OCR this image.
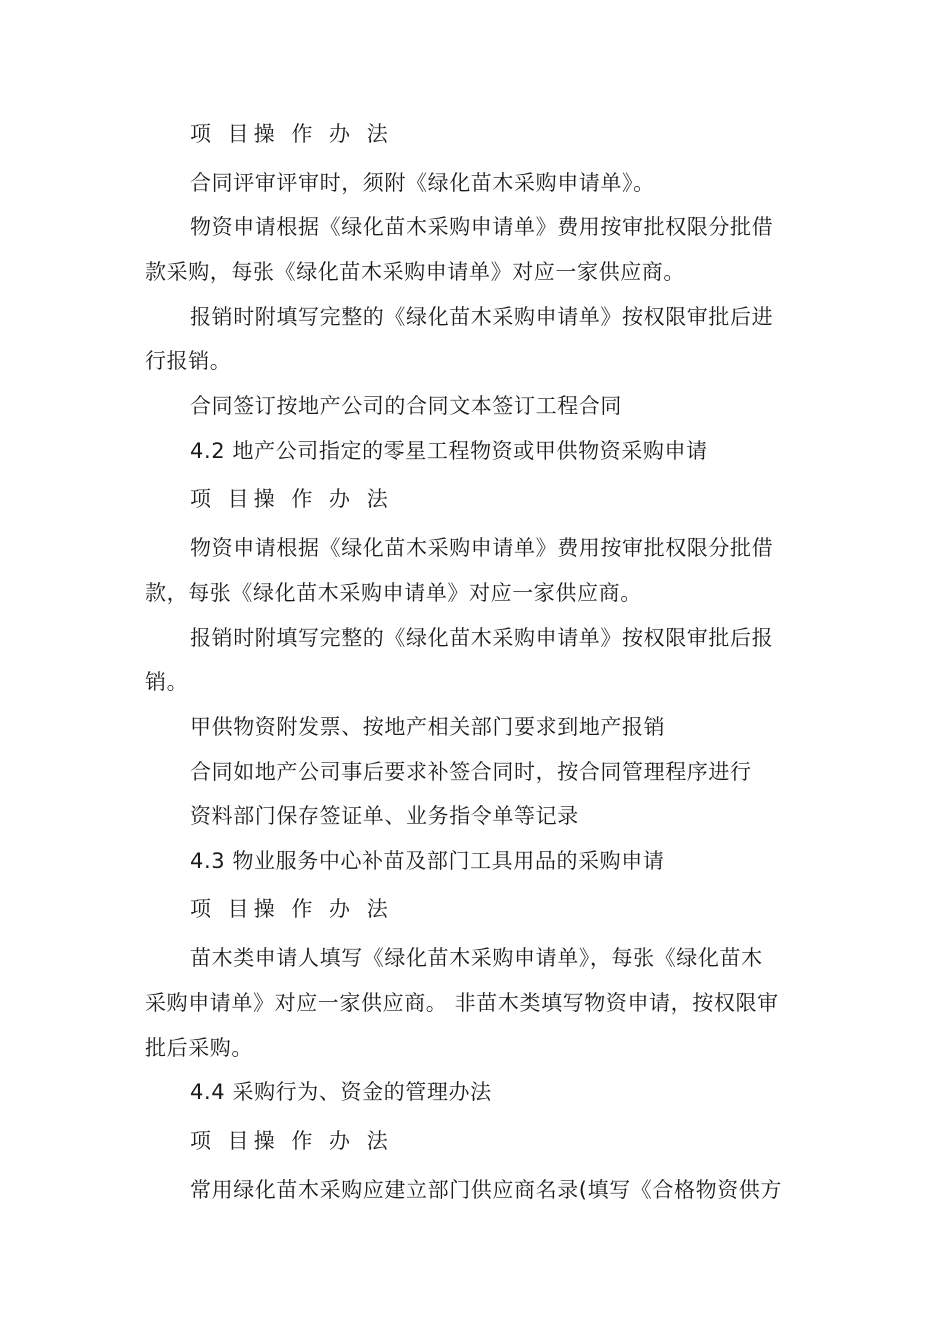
项 目操 作 办 法
合同评审评审时，须附《绿化苗木采购申请单》。
物资申请根据《绿化苗木采购申请单》费用按审批权限分批借
款采购，每张《绿化苗木采购申请单》对应一家供应商。
报销时附填写完整的《绿化苗木采购申请单》按权限审批后进
行报销。
合同签订按地产公司的合同文本签订工程合同
4.2 地产公司指定的零星工程物资或甲供物资采购申请
项 目操 作 办 法
物资申请根据《绿化苗木采购申请单》费用按审批权限分批借
款，每张《绿化苗木采购申请单》对应一家供应商。
报销时附填写完整的《绿化苗木采购申请单》按权限审批后报
销。
甲供物资附发票、按地产相关部门要求到地产报销
合同如地产公司事后要求补签合同时，按合同管理程序进行
资料部门保存签证单、业务指令单等记录
4.3 物业服务中心补苗及部门工具用品的采购申请
项 目操 作 办 法
苗木类申请人填写《绿化苗木采购申请单》，每张《绿化苗木
采购申请单》对应一家供应商。 非苗木类填写物资申请，按权限审
批后采购。
4.4 采购行为、资金的管理办法
项 目操 作 办 法
常用绿化苗木采购应建立部门供应商名录(填写《合格物资供方
